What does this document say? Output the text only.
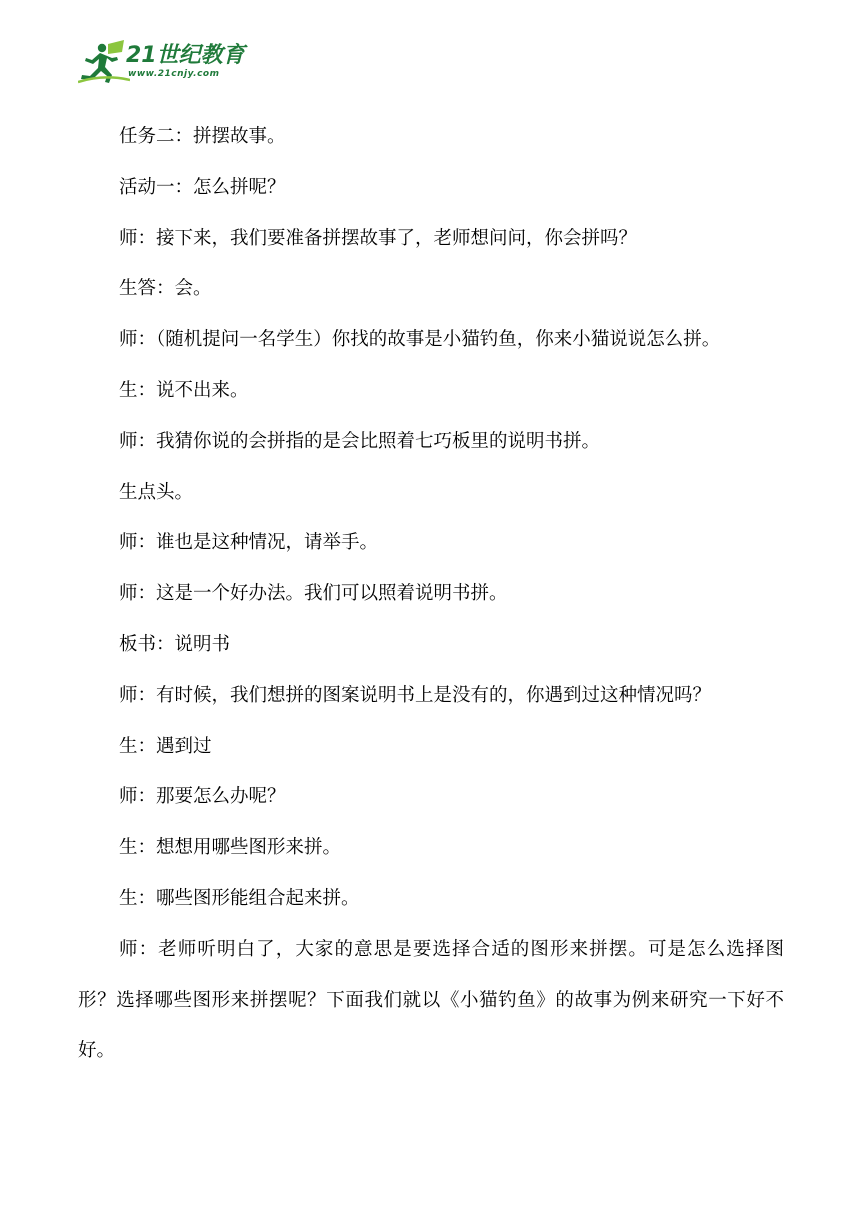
21世纪教育
www.21cnjy.com

任务二：拼摆故事。

活动一：怎么拼呢？

师：接下来，我们要准备拼摆故事了，老师想问问，你会拼吗？

生答：会。

师：（随机提问一名学生）你找的故事是小猫钓鱼，你来小猫说说怎么拼。

生：说不出来。

师：我猜你说的会拼指的是会比照着七巧板里的说明书拼。

生点头。

师：谁也是这种情况，请举手。

师：这是一个好办法。我们可以照着说明书拼。

板书：说明书

师：有时候，我们想拼的图案说明书上是没有的，你遇到过这种情况吗？

生：遇到过

师：那要怎么办呢？

生：想想用哪些图形来拼。

生：哪些图形能组合起来拼。

师：老师听明白了，大家的意思是要选择合适的图形来拼摆。可是怎么选择图形？选择哪些图形来拼摆呢？下面我们就以《小猫钓鱼》的故事为例来研究一下好不好。
